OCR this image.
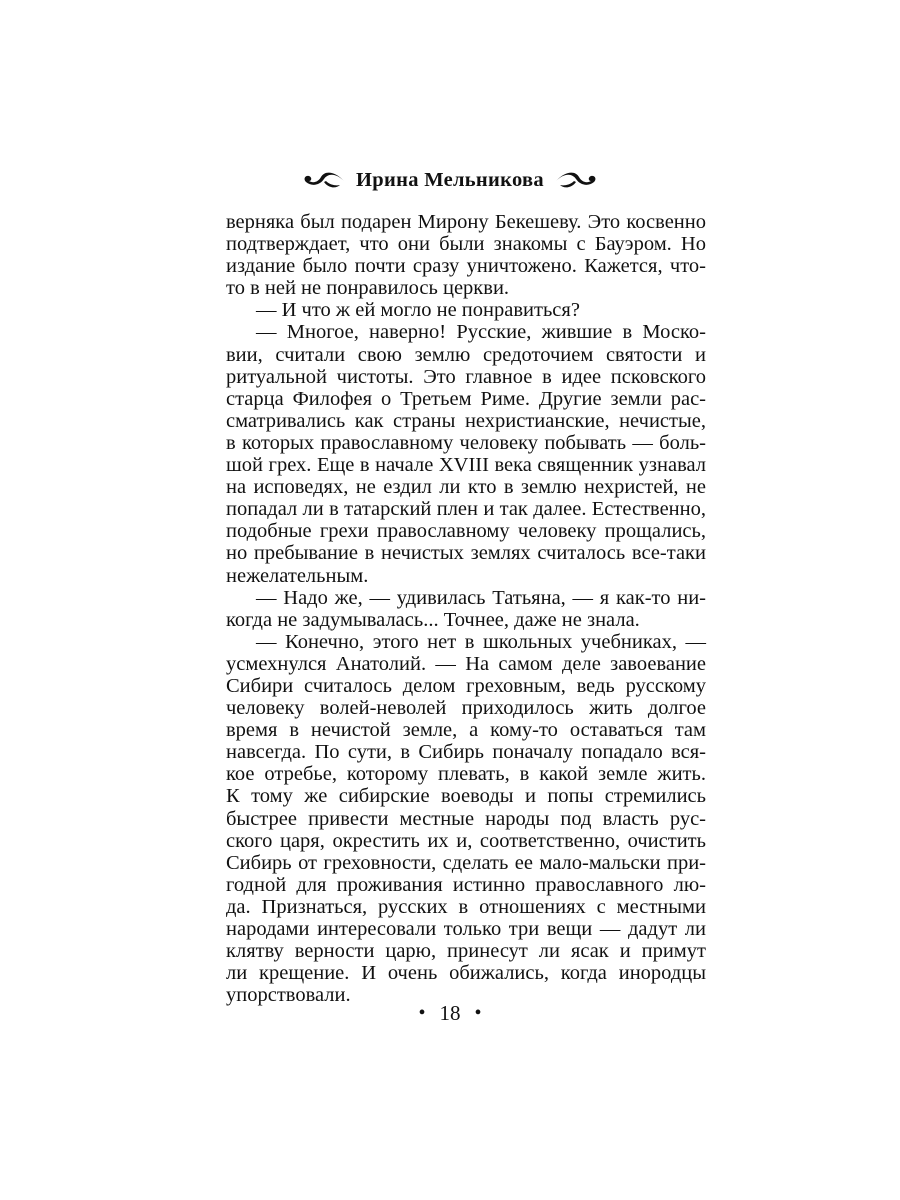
Ирина Мельникова
верняка был подарен Мирону Бекешеву. Это косвенно
подтверждает, что они были знакомы с Бауэром. Но
издание было почти сразу уничтожено. Кажется, что-
то в ней не понравилось церкви.
— И что ж ей могло не понравиться?
— Многое, наверно! Русские, жившие в Моско-
вии, считали свою землю средоточием святости и
ритуальной чистоты. Это главное в идее псковского
старца Филофея о Третьем Риме. Другие земли рас-
сматривались как страны нехристианские, нечистые,
в которых православному человеку побывать — боль-
шой грех. Еще в начале XVIII века священник узнавал
на исповедях, не ездил ли кто в землю нехристей, не
попадал ли в татарский плен и так далее. Естественно,
подобные грехи православному человеку прощались,
но пребывание в нечистых землях считалось все-таки
нежелательным.
— Надо же, — удивилась Татьяна, — я как-то ни-
когда не задумывалась... Точнее, даже не знала.
— Конечно, этого нет в школьных учебниках, —
усмехнулся Анатолий. — На самом деле завоевание
Сибири считалось делом греховным, ведь русскому
человеку волей-неволей приходилось жить долгое
время в нечистой земле, а кому-то оставаться там
навсегда. По сути, в Сибирь поначалу попадало вся-
кое отребье, которому плевать, в какой земле жить.
К тому же сибирские воеводы и попы стремились
быстрее привести местные народы под власть рус-
ского царя, окрестить их и, соответственно, очистить
Сибирь от греховности, сделать ее мало-мальски при-
годной для проживания истинно православного лю-
да. Признаться, русских в отношениях с местными
народами интересовали только три вещи — дадут ли
клятву верности царю, принесут ли ясак и примут
ли крещение. И очень обижались, когда инородцы
упорствовали.
• 18 •
